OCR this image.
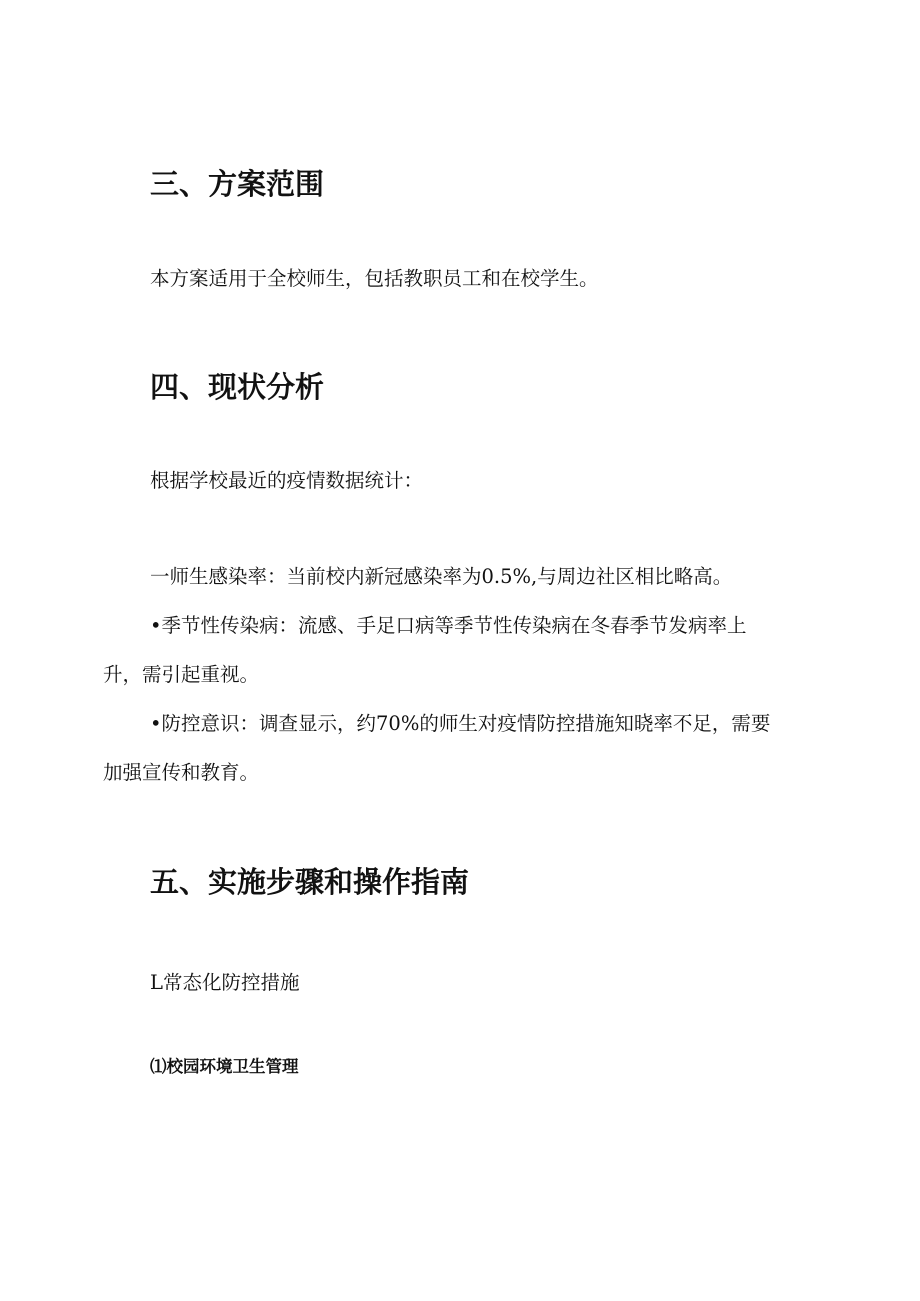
三、方案范围
本方案适用于全校师生，包括教职员工和在校学生。
四、现状分析
根据学校最近的疫情数据统计：
一师生感染率：当前校内新冠感染率为0.5%,与周边社区相比略高。
•季节性传染病：流感、手足口病等季节性传染病在冬春季节发病率上
升，需引起重视。
•防控意识：调查显示，约70%的师生对疫情防控措施知晓率不足，需要
加强宣传和教育。
五、实施步骤和操作指南
L常态化防控措施
⑴校园环境卫生管理
